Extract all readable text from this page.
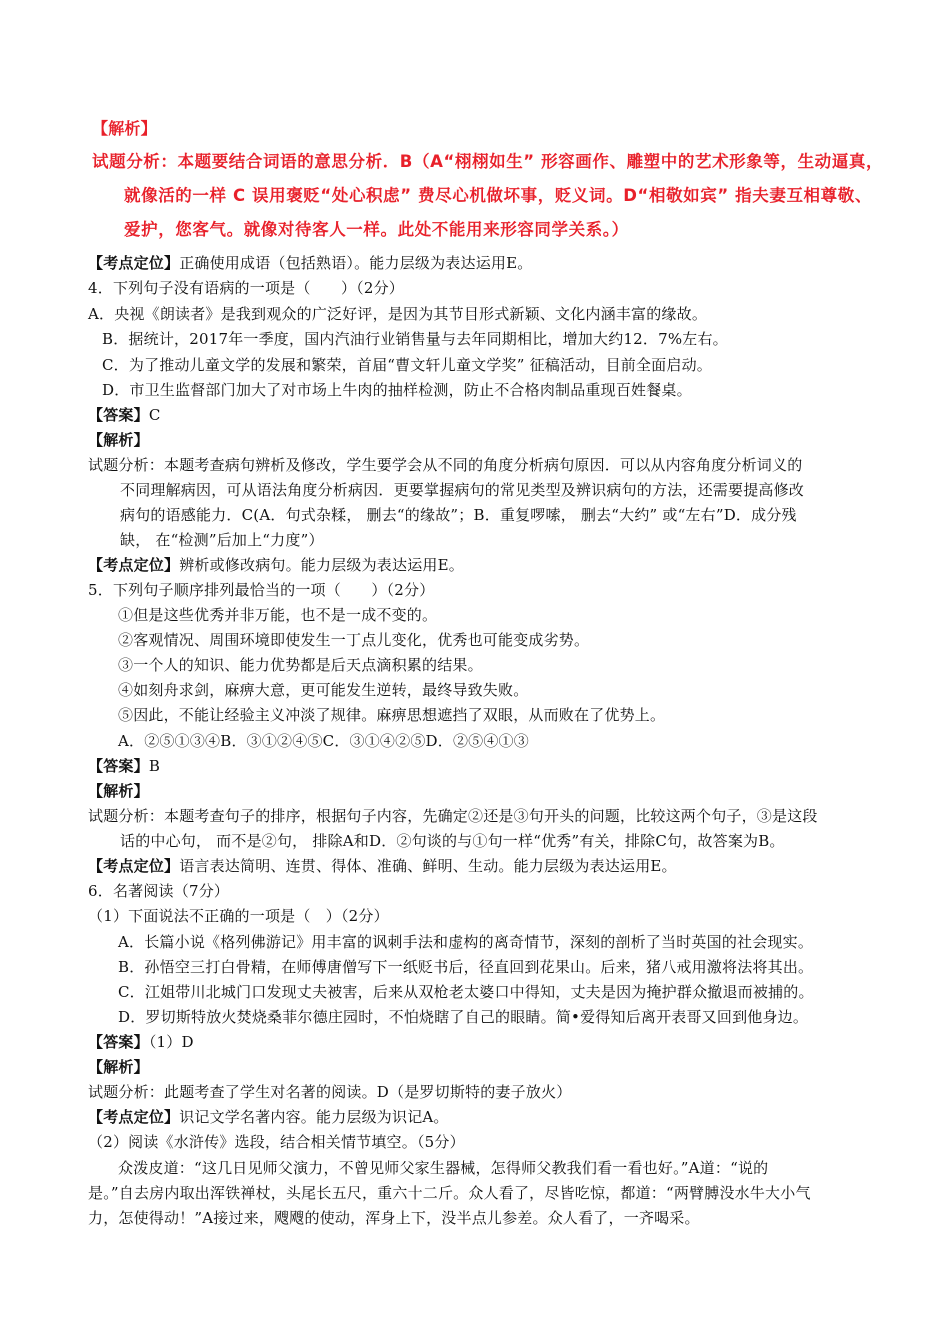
【解析】
试题分析：本题要结合词语的意思分析．B（A“栩栩如生” 形容画作、雕塑中的艺术形象等，生动逼真，
就像活的一样 C 误用褒贬“处心积虑” 费尽心机做坏事，贬义词。D“相敬如宾” 指夫妻互相尊敬、
爱护，您客气。就像对待客人一样。此处不能用来形容同学关系。）
【考点定位】正确使用成语（包括熟语）。能力层级为表达运用E。
4．下列句子没有语病的一项是（　　）（2分）
A．央视《朗读者》是我到观众的广泛好评，是因为其节目形式新颖、文化内涵丰富的缘故。
B．据统计，2017年一季度，国内汽油行业销售量与去年同期相比，增加大约12．7%左右。
C．为了推动儿童文学的发展和繁荣，首届“曹文轩儿童文学奖” 征稿活动，目前全面启动。
D．市卫生监督部门加大了对市场上牛肉的抽样检测，防止不合格肉制品重现百姓餐桌。
【答案】C
【解析】
试题分析：本题考查病句辨析及修改，学生要学会从不同的角度分析病句原因．可以从内容角度分析词义的
不同理解病因，可从语法角度分析病因．更要掌握病句的常见类型及辨识病句的方法，还需要提高修改
病句的语感能力．C(A．句式杂糅， 删去“的缘故”；B．重复啰嗦， 删去“大约” 或“左右”D．成分残
缺， 在“检测”后加上“力度”）
【考点定位】辨析或修改病句。能力层级为表达运用E。
5．下列句子顺序排列最恰当的一项（　　）（2分）
①但是这些优秀并非万能，也不是一成不变的。
②客观情况、周围环境即使发生一丁点儿变化，优秀也可能变成劣势。
③一个人的知识、能力优势都是后天点滴积累的结果。
④如刻舟求剑，麻痹大意，更可能发生逆转，最终导致失败。
⑤因此，不能让经验主义冲淡了规律。麻痹思想遮挡了双眼，从而败在了优势上。
A．②⑤①③④B．③①②④⑤C．③①④②⑤D．②⑤④①③
【答案】B
【解析】
试题分析：本题考查句子的排序，根据句子内容，先确定②还是③句开头的问题，比较这两个句子，③是这段
话的中心句， 而不是②句， 排除A和D．②句谈的与①句一样“优秀”有关，排除C句，故答案为B。
【考点定位】语言表达简明、连贯、得体、准确、鲜明、生动。能力层级为表达运用E。
6．名著阅读（7分）
（1）下面说法不正确的一项是（　）（2分）
A．长篇小说《格列佛游记》用丰富的讽刺手法和虚构的离奇情节，深刻的剖析了当时英国的社会现实。
B．孙悟空三打白骨精，在师傅唐僧写下一纸贬书后，径直回到花果山。后来，猪八戒用激将法将其出。
C．江姐带川北城门口发现丈夫被害，后来从双枪老太婆口中得知，丈夫是因为掩护群众撤退而被捕的。
D．罗切斯特放火焚烧桑菲尔德庄园时，不怕烧瞎了自己的眼睛。简•爱得知后离开表哥又回到他身边。
【答案】（1）D
【解析】
试题分析：此题考查了学生对名著的阅读。D（是罗切斯特的妻子放火）
【考点定位】识记文学名著内容。能力层级为识记A。
（2）阅读《水浒传》选段，结合相关情节填空。（5分）
众泼皮道：“这几日见师父演力，不曾见师父家生器械，怎得师父教我们看一看也好。”A道：“说的
是。”自去房内取出浑铁禅杖，头尾长五尺，重六十二斤。众人看了，尽皆吃惊，都道：“两臂膊没水牛大小气
力，怎使得动！”A接过来，飕飕的使动，浑身上下，没半点儿参差。众人看了，一齐喝采。
